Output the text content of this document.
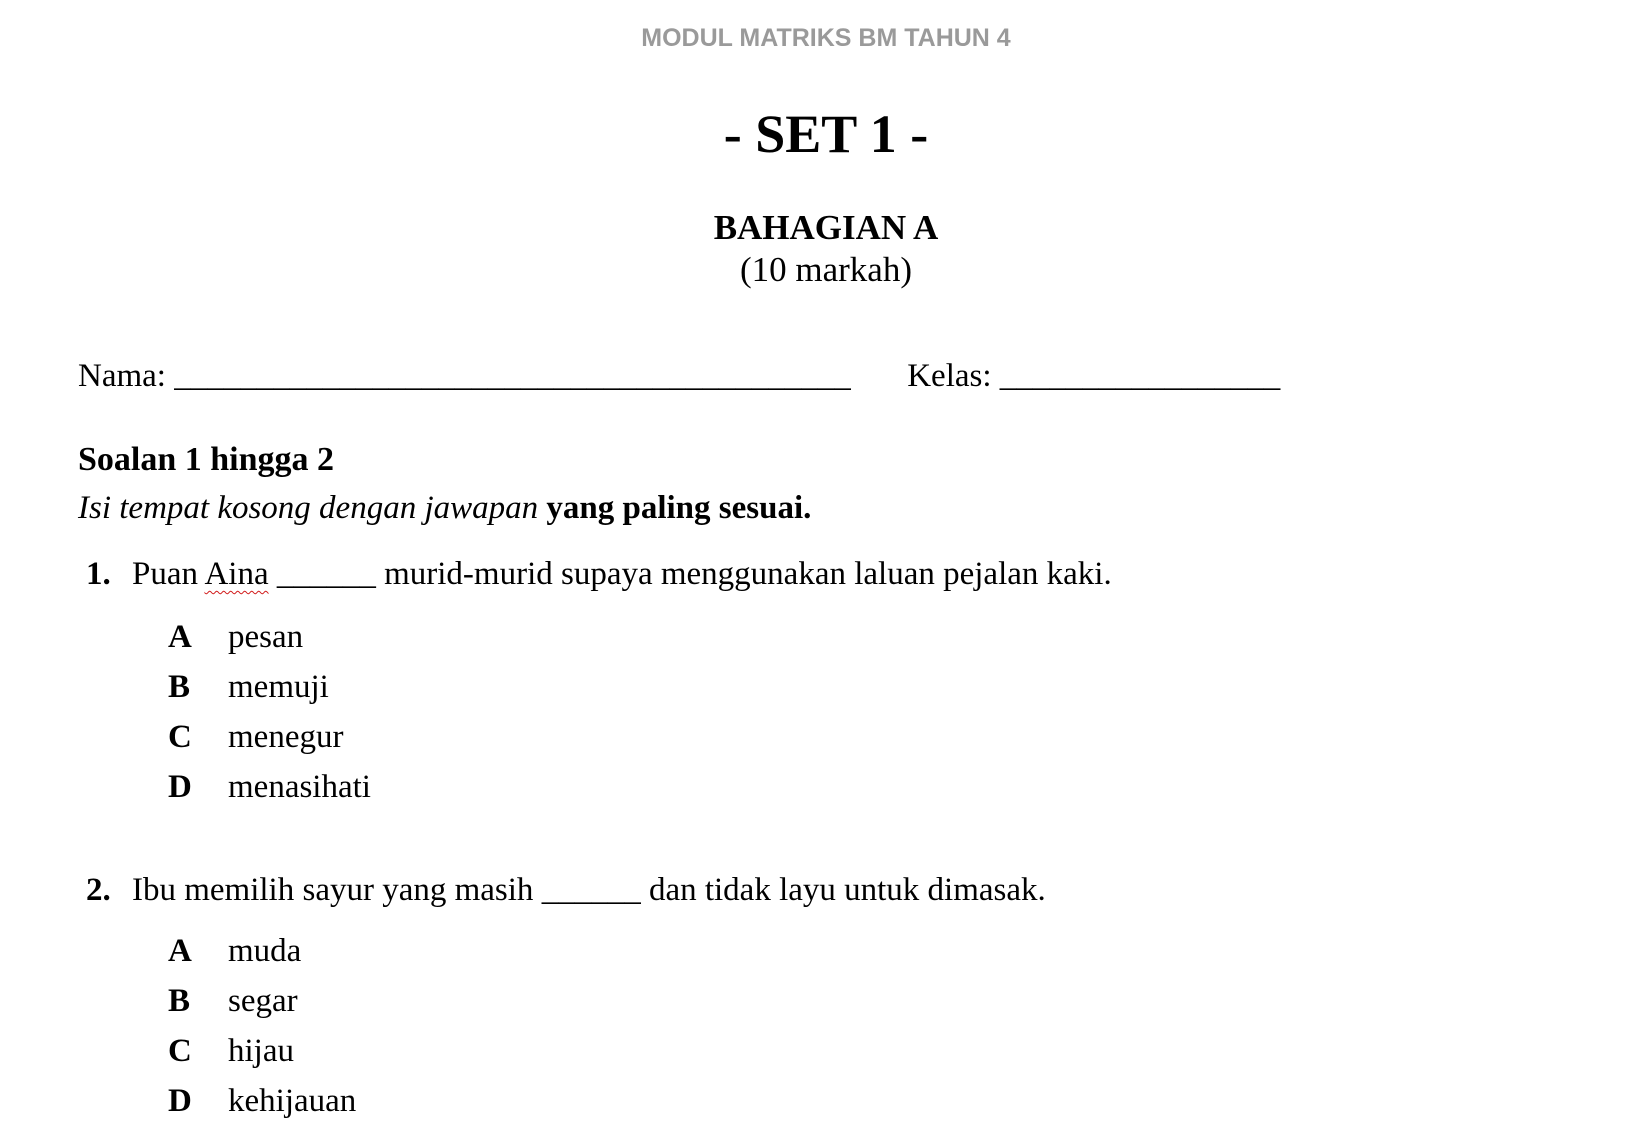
MODUL MATRIKS BM TAHUN 4
- SET 1 -
BAHAGIAN A
(10 markah)
Nama: _________________________________________ Kelas: _________________
Soalan 1 hingga 2
Isi tempat kosong dengan jawapan yang paling sesuai.
1. Puan Aina ______ murid-murid supaya menggunakan laluan pejalan kaki.
A	pesan
B	memuji
C	menegur
D	menasihati
2. Ibu memilih sayur yang masih ______ dan tidak layu untuk dimasak.
A	muda
B	segar
C	hijau
D	kehijauan
